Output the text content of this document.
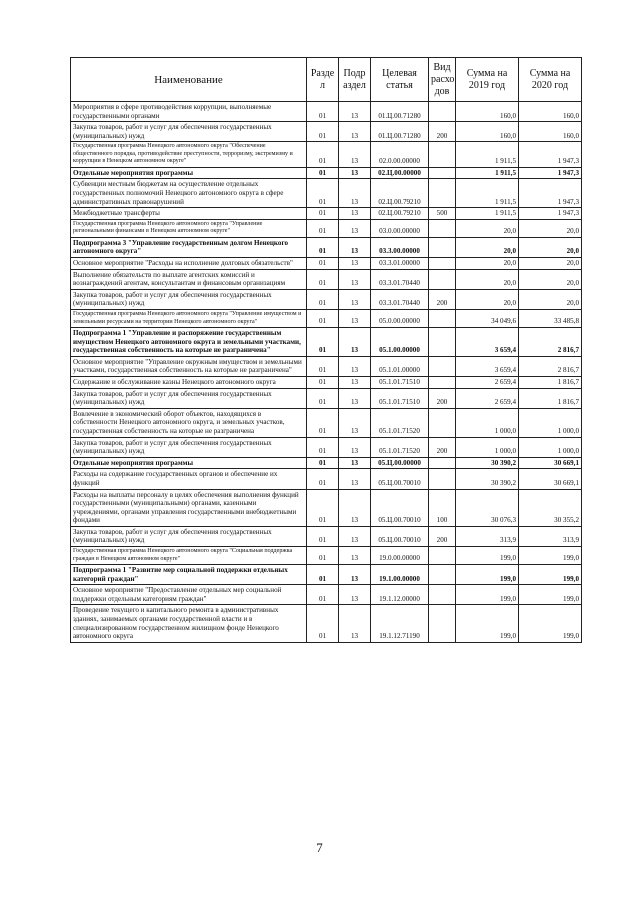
Наименование	Разде л	Подр аздел	Целевая статья	Вид расхо дов	Сумма на 2019 год	Сумма на 2020 год
Мероприятия в сфере противодействия коррупции, выполняемые государственными органами	01	13	01.Ц.00.71280		160,0	160,0
Закупка товаров, работ и услуг для обеспечения государственных (муниципальных) нужд	01	13	01.Ц.00.71280	200	160,0	160,0
Государственная программа Ненецкого автономного округа "Обеспечение общественного порядка, противодействие преступности, терроризму, экстремизму и коррупции в Ненецком автономном округе"	01	13	02.0.00.00000		1 911,5	1 947,3
Отдельные мероприятия программы	01	13	02.Ц.00.00000		1 911,5	1 947,3
Субвенции местным бюджетам на осуществление отдельных государственных полномочий Ненецкого автономного округа в сфере административных правонарушений	01	13	02.Ц.00.79210		1 911,5	1 947,3
Межбюджетные трансферты	01	13	02.Ц.00.79210	500	1 911,5	1 947,3
Государственная программа Ненецкого автономного округа "Управление региональными финансами в Ненецком автономном округе"	01	13	03.0.00.00000		20,0	20,0
Подпрограмма 3 "Управление государственным долгом Ненецкого автономного округа"	01	13	03.3.00.00000		20,0	20,0
Основное мероприятие "Расходы на исполнение долговых обязательств"	01	13	03.3.01.00000		20,0	20,0
Выполнение обязательств по выплате агентских комиссий и вознаграждений агентам, консультантам и финансовым организациям	01	13	03.3.01.70440		20,0	20,0
Закупка товаров, работ и услуг для обеспечения государственных (муниципальных) нужд	01	13	03.3.01.70440	200	20,0	20,0
Государственная программа Ненецкого автономного округа "Управление имуществом и земельными ресурсами на территории Ненецкого автономного округа"	01	13	05.0.00.00000		34 049,6	33 485,8
Подпрограмма 1 "Управление и распоряжение государственным имуществом Ненецкого автономного округа и земельными участками, государственная собственность на которые не разграничена"	01	13	05.1.00.00000		3 659,4	2 816,7
Основное мероприятие "Управление окружным имуществом и земельными участками, государственная собственность на которые не разграничена"	01	13	05.1.01.00000		3 659,4	2 816,7
Содержание и обслуживание казны Ненецкого автономного округа	01	13	05.1.01.71510		2 659,4	1 816,7
Закупка товаров, работ и услуг для обеспечения государственных (муниципальных) нужд	01	13	05.1.01.71510	200	2 659,4	1 816,7
Вовлечение в экономический оборот объектов, находящихся в собственности Ненецкого автономного округа, и земельных участков, государственная собственность на которые не разграничена	01	13	05.1.01.71520		1 000,0	1 000,0
Закупка товаров, работ и услуг для обеспечения государственных (муниципальных) нужд	01	13	05.1.01.71520	200	1 000,0	1 000,0
Отдельные мероприятия программы	01	13	05.Ц.00.00000		30 390,2	30 669,1
Расходы на содержание государственных органов и обеспечение их функций	01	13	05.Ц.00.70010		30 390,2	30 669,1
Расходы на выплаты персоналу в целях обеспечения выполнения функций государственными (муниципальными) органами, казенными учреждениями, органами управления государственными внебюджетными фондами	01	13	05.Ц.00.70010	100	30 076,3	30 355,2
Закупка товаров, работ и услуг для обеспечения государственных (муниципальных) нужд	01	13	05.Ц.00.70010	200	313,9	313,9
Государственная программа Ненецкого автономного округа "Социальная поддержка граждан в Ненецком автономном округе"	01	13	19.0.00.00000		199,0	199,0
Подпрограмма 1 "Развитие мер социальной поддержки отдельных категорий граждан"	01	13	19.1.00.00000		199,0	199,0
Основное мероприятие "Предоставление отдельных мер социальной поддержки отдельным категориям граждан"	01	13	19.1.12.00000		199,0	199,0
Проведение текущего и капитального ремонта в административных зданиях, занимаемых органами государственной власти и в специализированном государственном жилищном фонде Ненецкого автономного округа	01	13	19.1.12.71190		199,0	199,0
7
